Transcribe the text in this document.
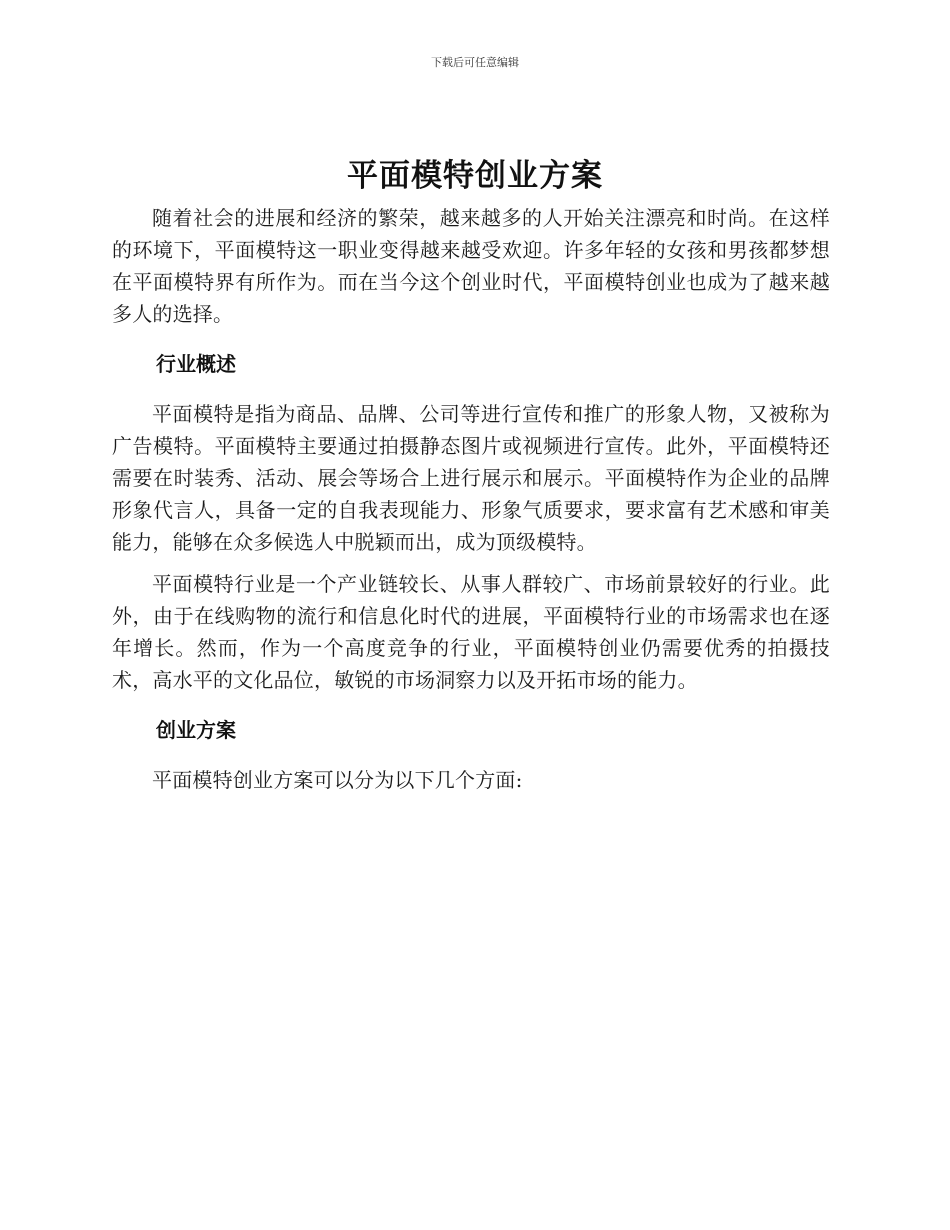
下载后可任意编辑
平面模特创业方案

随着社会的进展和经济的繁荣，越来越多的人开始关注漂亮和时尚。在这样的环境下，平面模特这一职业变得越来越受欢迎。许多年轻的女孩和男孩都梦想在平面模特界有所作为。而在当今这个创业时代，平面模特创业也成为了越来越多人的选择。

行业概述

平面模特是指为商品、品牌、公司等进行宣传和推广的形象人物，又被称为广告模特。平面模特主要通过拍摄静态图片或视频进行宣传。此外，平面模特还需要在时装秀、活动、展会等场合上进行展示和展示。平面模特作为企业的品牌形象代言人，具备一定的自我表现能力、形象气质要求，要求富有艺术感和审美能力，能够在众多候选人中脱颖而出，成为顶级模特。

平面模特行业是一个产业链较长、从事人群较广、市场前景较好的行业。此外，由于在线购物的流行和信息化时代的进展，平面模特行业的市场需求也在逐年增长。然而，作为一个高度竞争的行业，平面模特创业仍需要优秀的拍摄技术，高水平的文化品位，敏锐的市场洞察力以及开拓市场的能力。

创业方案

平面模特创业方案可以分为以下几个方面:
